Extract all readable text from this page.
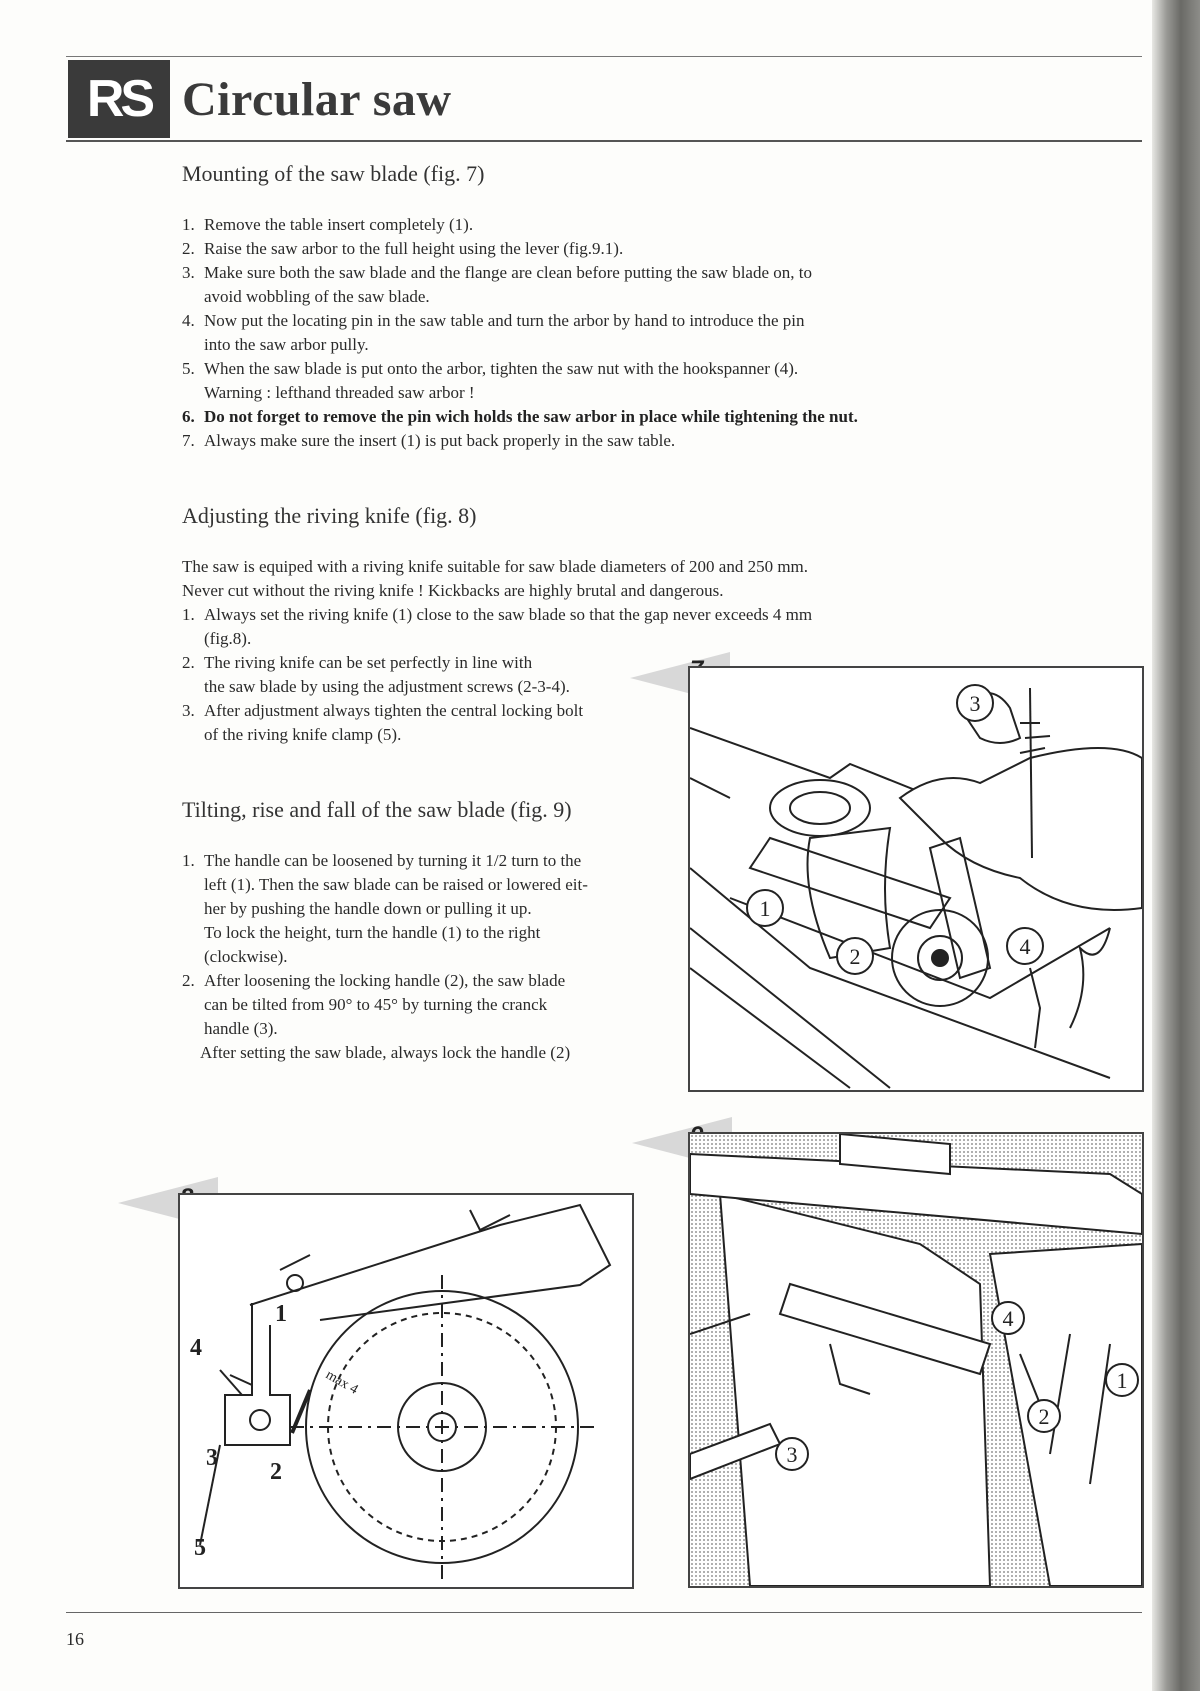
RS Circular saw
Mounting of the saw blade (fig. 7)
1. Remove the table insert completely (1).
2. Raise the saw arbor to the full height using the lever (fig.9.1).
3. Make sure both the saw blade and the flange are clean before putting the saw blade on, to
avoid wobbling of the saw blade.
4. Now put the locating pin in the saw table and turn the arbor by hand to introduce the pin
into the saw arbor pully.
5. When the saw blade is put onto the arbor, tighten the saw nut with the hookspanner (4).
Warning : lefthand threaded saw arbor !
6. Do not forget to remove the pin wich holds the saw arbor in place while tightening the nut.
7. Always make sure the insert (1) is put back properly in the saw table.
Adjusting the riving knife (fig. 8)

The saw is equiped with a riving knife suitable for saw blade diameters of 200 and 250 mm.
Never cut without the riving knife ! Kickbacks are highly brutal and dangerous.

1. Always set the riving knife (1) close to the saw blade so that the gap never exceeds 4 mm
(fig.8).
2. The riving knife can be set perfectly in line with
the saw blade by using the adjustment screws (2-3-4).
3. After adjustment always tighten the central locking bolt
of the riving knife clamp (5).
Tilting, rise and fall of the saw blade (fig. 9)
1. The handle can be loosened by turning it 1/2 turn to the
left (1). Then the saw blade can be raised or lowered eit-
her by pushing the handle down or pulling it up.
To lock the height, turn the handle (1) to the right
(clockwise).
2. After loosening the locking handle (2), the saw blade
can be tilted from 90° to 45° by turning the cranck
handle (3).
After setting the saw blade, always lock the handle (2)
3
1
2	4
1
4
3
2
5
max 4
4
3
2
1
16
